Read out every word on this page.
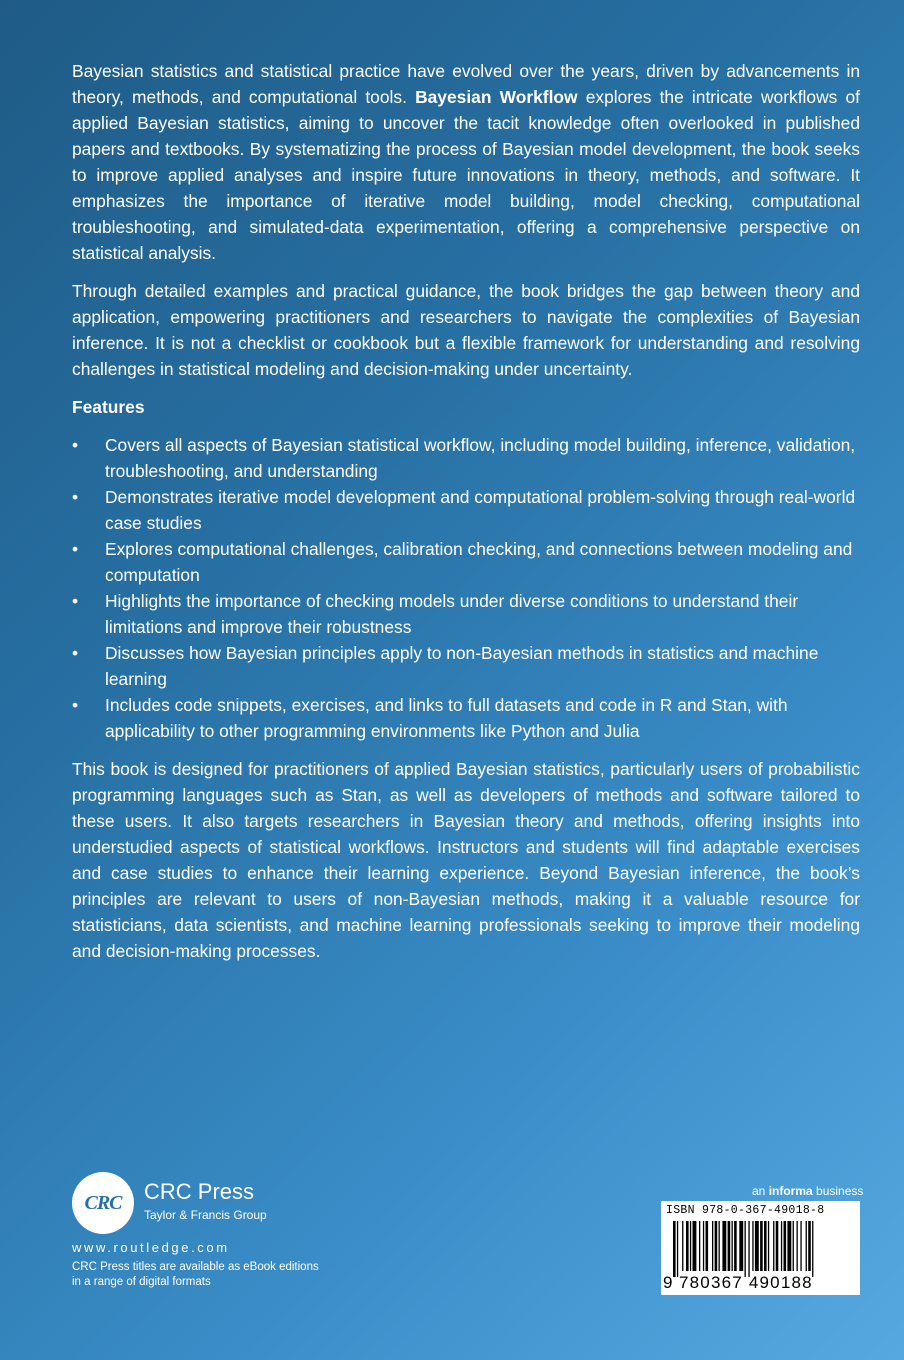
Bayesian statistics and statistical practice have evolved over the years, driven by advancements in theory, methods, and computational tools. Bayesian Workflow explores the intricate workflows of applied Bayesian statistics, aiming to uncover the tacit knowledge often overlooked in published papers and textbooks. By systematizing the process of Bayesian model development, the book seeks to improve applied analyses and inspire future innovations in theory, methods, and software. It emphasizes the importance of iterative model building, model checking, computational troubleshooting, and simulated-data experimentation, offering a comprehensive perspective on statistical analysis.

Through detailed examples and practical guidance, the book bridges the gap between theory and application, empowering practitioners and researchers to navigate the complexities of Bayesian inference. It is not a checklist or cookbook but a flexible framework for understanding and resolving challenges in statistical modeling and decision-making under uncertainty.

Features

• Covers all aspects of Bayesian statistical workflow, including model building, inference, validation, troubleshooting, and understanding
• Demonstrates iterative model development and computational problem-solving through real-world case studies
• Explores computational challenges, calibration checking, and connections between modeling and computation
• Highlights the importance of checking models under diverse conditions to understand their limitations and improve their robustness
• Discusses how Bayesian principles apply to non-Bayesian methods in statistics and machine learning
• Includes code snippets, exercises, and links to full datasets and code in R and Stan, with applicability to other programming environments like Python and Julia

This book is designed for practitioners of applied Bayesian statistics, particularly users of probabilistic programming languages such as Stan, as well as developers of methods and software tailored to these users. It also targets researchers in Bayesian theory and methods, offering insights into understudied aspects of statistical workflows. Instructors and students will find adaptable exercises and case studies to enhance their learning experience. Beyond Bayesian inference, the book’s principles are relevant to users of non-Bayesian methods, making it a valuable resource for statisticians, data scientists, and machine learning professionals seeking to improve their modeling and decision-making processes.

CRC CRC Press
Taylor & Francis Group
www.routledge.com
CRC Press titles are available as eBook editions
in a range of digital formats
an informa business
ISBN 978-0-367-49018-8
9 780367 490188
